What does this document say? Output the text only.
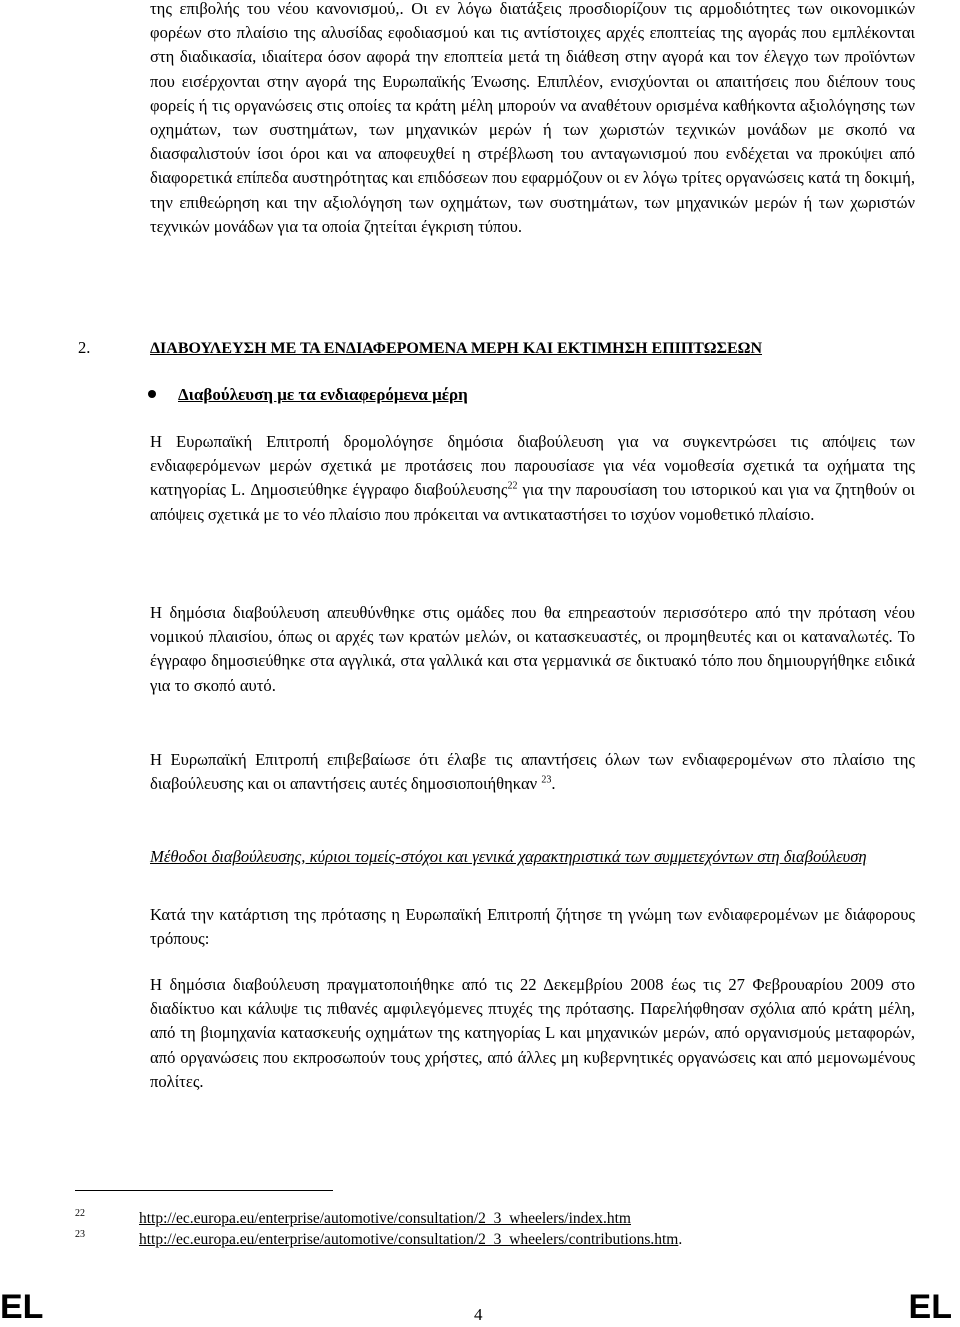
της επιβολής του νέου κανονισμού,. Οι εν λόγω διατάξεις προσδιορίζουν τις αρμοδιότητες των οικονομικών φορέων στο πλαίσιο της αλυσίδας εφοδιασμού και τις αντίστοιχες αρχές εποπτείας της αγοράς που εμπλέκονται στη διαδικασία, ιδιαίτερα όσον αφορά την εποπτεία μετά τη διάθεση στην αγορά και τον έλεγχο των προϊόντων που εισέρχονται στην αγορά της Ευρωπαϊκής Ένωσης. Επιπλέον, ενισχύονται οι απαιτήσεις που διέπουν τους φορείς ή τις οργανώσεις στις οποίες τα κράτη μέλη μπορούν να αναθέτουν ορισμένα καθήκοντα αξιολόγησης των οχημάτων, των συστημάτων, των μηχανικών μερών ή των χωριστών τεχνικών μονάδων με σκοπό να διασφαλιστούν ίσοι όροι και να αποφευχθεί η στρέβλωση του ανταγωνισμού που ενδέχεται να προκύψει από διαφορετικά επίπεδα αυστηρότητας και επιδόσεων που εφαρμόζουν οι εν λόγω τρίτες οργανώσεις κατά τη δοκιμή, την επιθεώρηση και την αξιολόγηση των οχημάτων, των συστημάτων, των μηχανικών μερών ή των χωριστών τεχνικών μονάδων για τα οποία ζητείται έγκριση τύπου.

2.	ΔΙΑΒΟΥΛΕΥΣΗ ΜΕ ΤΑ ΕΝΔΙΑΦΕΡΟΜΕΝΑ ΜΕΡΗ ΚΑΙ ΕΚΤΙΜΗΣΗ ΕΠΙΠΤΩΣΕΩΝ
Διαβούλευση με τα ενδιαφερόμενα μέρη

Η Ευρωπαϊκή Επιτροπή δρομολόγησε δημόσια διαβούλευση για να συγκεντρώσει τις απόψεις των ενδιαφερόμενων μερών σχετικά με προτάσεις που παρουσίασε για νέα νομοθεσία σχετικά τα οχήματα της κατηγορίας L. Δημοσιεύθηκε έγγραφο διαβούλευσης$^{22}$ για την παρουσίαση του ιστορικού και για να ζητηθούν οι απόψεις σχετικά με το νέο πλαίσιο που πρόκειται να αντικαταστήσει το ισχύον νομοθετικό πλαίσιο.

Η δημόσια διαβούλευση απευθύνθηκε στις ομάδες που θα επηρεαστούν περισσότερο από την πρόταση νέου νομικού πλαισίου, όπως οι αρχές των κρατών μελών, οι κατασκευαστές, οι προμηθευτές και οι καταναλωτές. Το έγγραφο δημοσιεύθηκε στα αγγλικά, στα γαλλικά και στα γερμανικά σε δικτυακό τόπο που δημιουργήθηκε ειδικά για το σκοπό αυτό.

Η Ευρωπαϊκή Επιτροπή επιβεβαίωσε ότι έλαβε τις απαντήσεις όλων των ενδιαφερομένων στο πλαίσιο της διαβούλευσης και οι απαντήσεις αυτές δημοσιοποιήθηκαν $^{23}$.

Μέθοδοι διαβούλευσης, κύριοι τομείς-στόχοι και γενικά χαρακτηριστικά των συμμετεχόντων στη διαβούλευση

Κατά την κατάρτιση της πρότασης η Ευρωπαϊκή Επιτροπή ζήτησε τη γνώμη των ενδιαφερομένων με διάφορους τρόπους:

Η δημόσια διαβούλευση πραγματοποιήθηκε από τις 22 Δεκεμβρίου 2008 έως τις 27 Φεβρουαρίου 2009 στο διαδίκτυο και κάλυψε τις πιθανές αμφιλεγόμενες πτυχές της πρότασης. Παρελήφθησαν σχόλια από κράτη μέλη, από τη βιομηχανία κατασκευής οχημάτων της κατηγορίας L και μηχανικών μερών, από οργανισμούς μεταφορών, από οργανώσεις που εκπροσωπούν τους χρήστες, από άλλες μη κυβερνητικές οργανώσεις και από μεμονωμένους πολίτες.

22	http://ec.europa.eu/enterprise/automotive/consultation/2_3_wheelers/index.htm
23	http://ec.europa.eu/enterprise/automotive/consultation/2_3_wheelers/contributions.htm.
EL	4	EL
